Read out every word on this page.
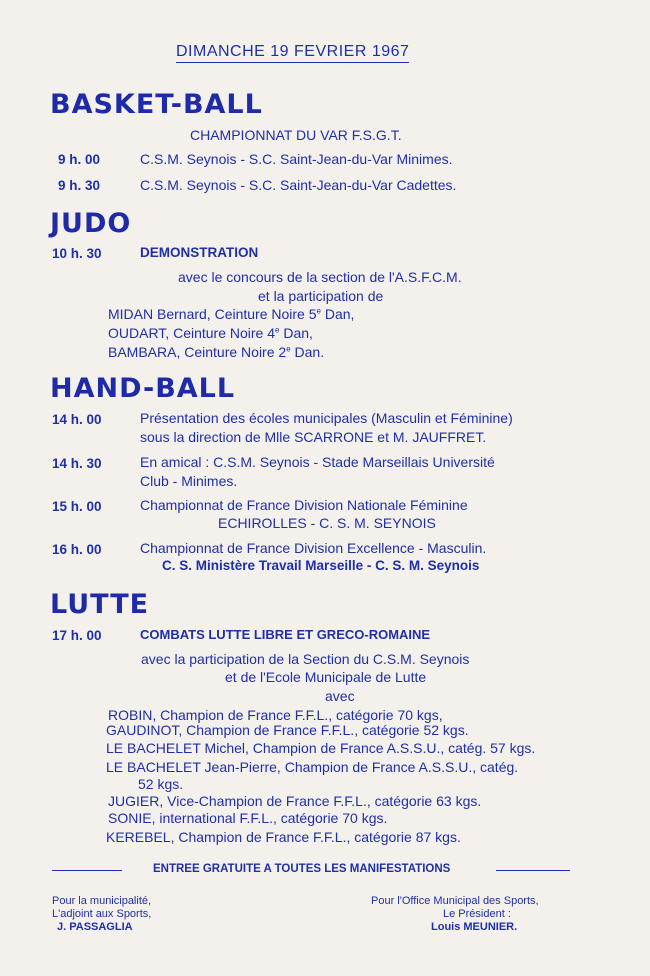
DIMANCHE 19 FEVRIER 1967
BASKET-BALL
CHAMPIONNAT DU VAR F.S.G.T.
9 h. 00	C.S.M. Seynois - S.C. Saint-Jean-du-Var Minimes.
9 h. 30	C.S.M. Seynois - S.C. Saint-Jean-du-Var Cadettes.
JUDO
10 h. 30	DEMONSTRATION
avec le concours de la section de l'A.S.F.C.M.
et la participation de
MIDAN Bernard, Ceinture Noire 5e Dan,
OUDART, Ceinture Noire 4e Dan,
BAMBARA, Ceinture Noire 2e Dan.
HAND-BALL
14 h. 00	Présentation des écoles municipales (Masculin et Féminine)
sous la direction de Mlle SCARRONE et M. JAUFFRET.
14 h. 30	En amical : C.S.M. Seynois - Stade Marseillais Université
Club - Minimes.
15 h. 00	Championnat de France Division Nationale Féminine
ECHIROLLES - C. S. M. SEYNOIS
16 h. 00	Championnat de France Division Excellence - Masculin.
C. S. Ministère Travail Marseille - C. S. M. Seynois
LUTTE
17 h. 00	COMBATS LUTTE LIBRE ET GRECO-ROMAINE
avec la participation de la Section du C.S.M. Seynois
et de l'Ecole Municipale de Lutte
avec
ROBIN, Champion de France F.F.L., catégorie 70 kgs,
GAUDINOT, Champion de France F.F.L., catégorie 52 kgs.
LE BACHELET Michel, Champion de France A.S.S.U., catég. 57 kgs.
LE BACHELET Jean-Pierre, Champion de France A.S.S.U., catég.
52 kgs.
JUGIER, Vice-Champion de France F.F.L., catégorie 63 kgs.
SONIE, international F.F.L., catégorie 70 kgs.
KEREBEL, Champion de France F.F.L., catégorie 87 kgs.
ENTREE GRATUITE A TOUTES LES MANIFESTATIONS
Pour la municipalité,
L'adjoint aux Sports,
J. PASSAGLIA
Pour l'Office Municipal des Sports,
Le Président :
Louis MEUNIER.
